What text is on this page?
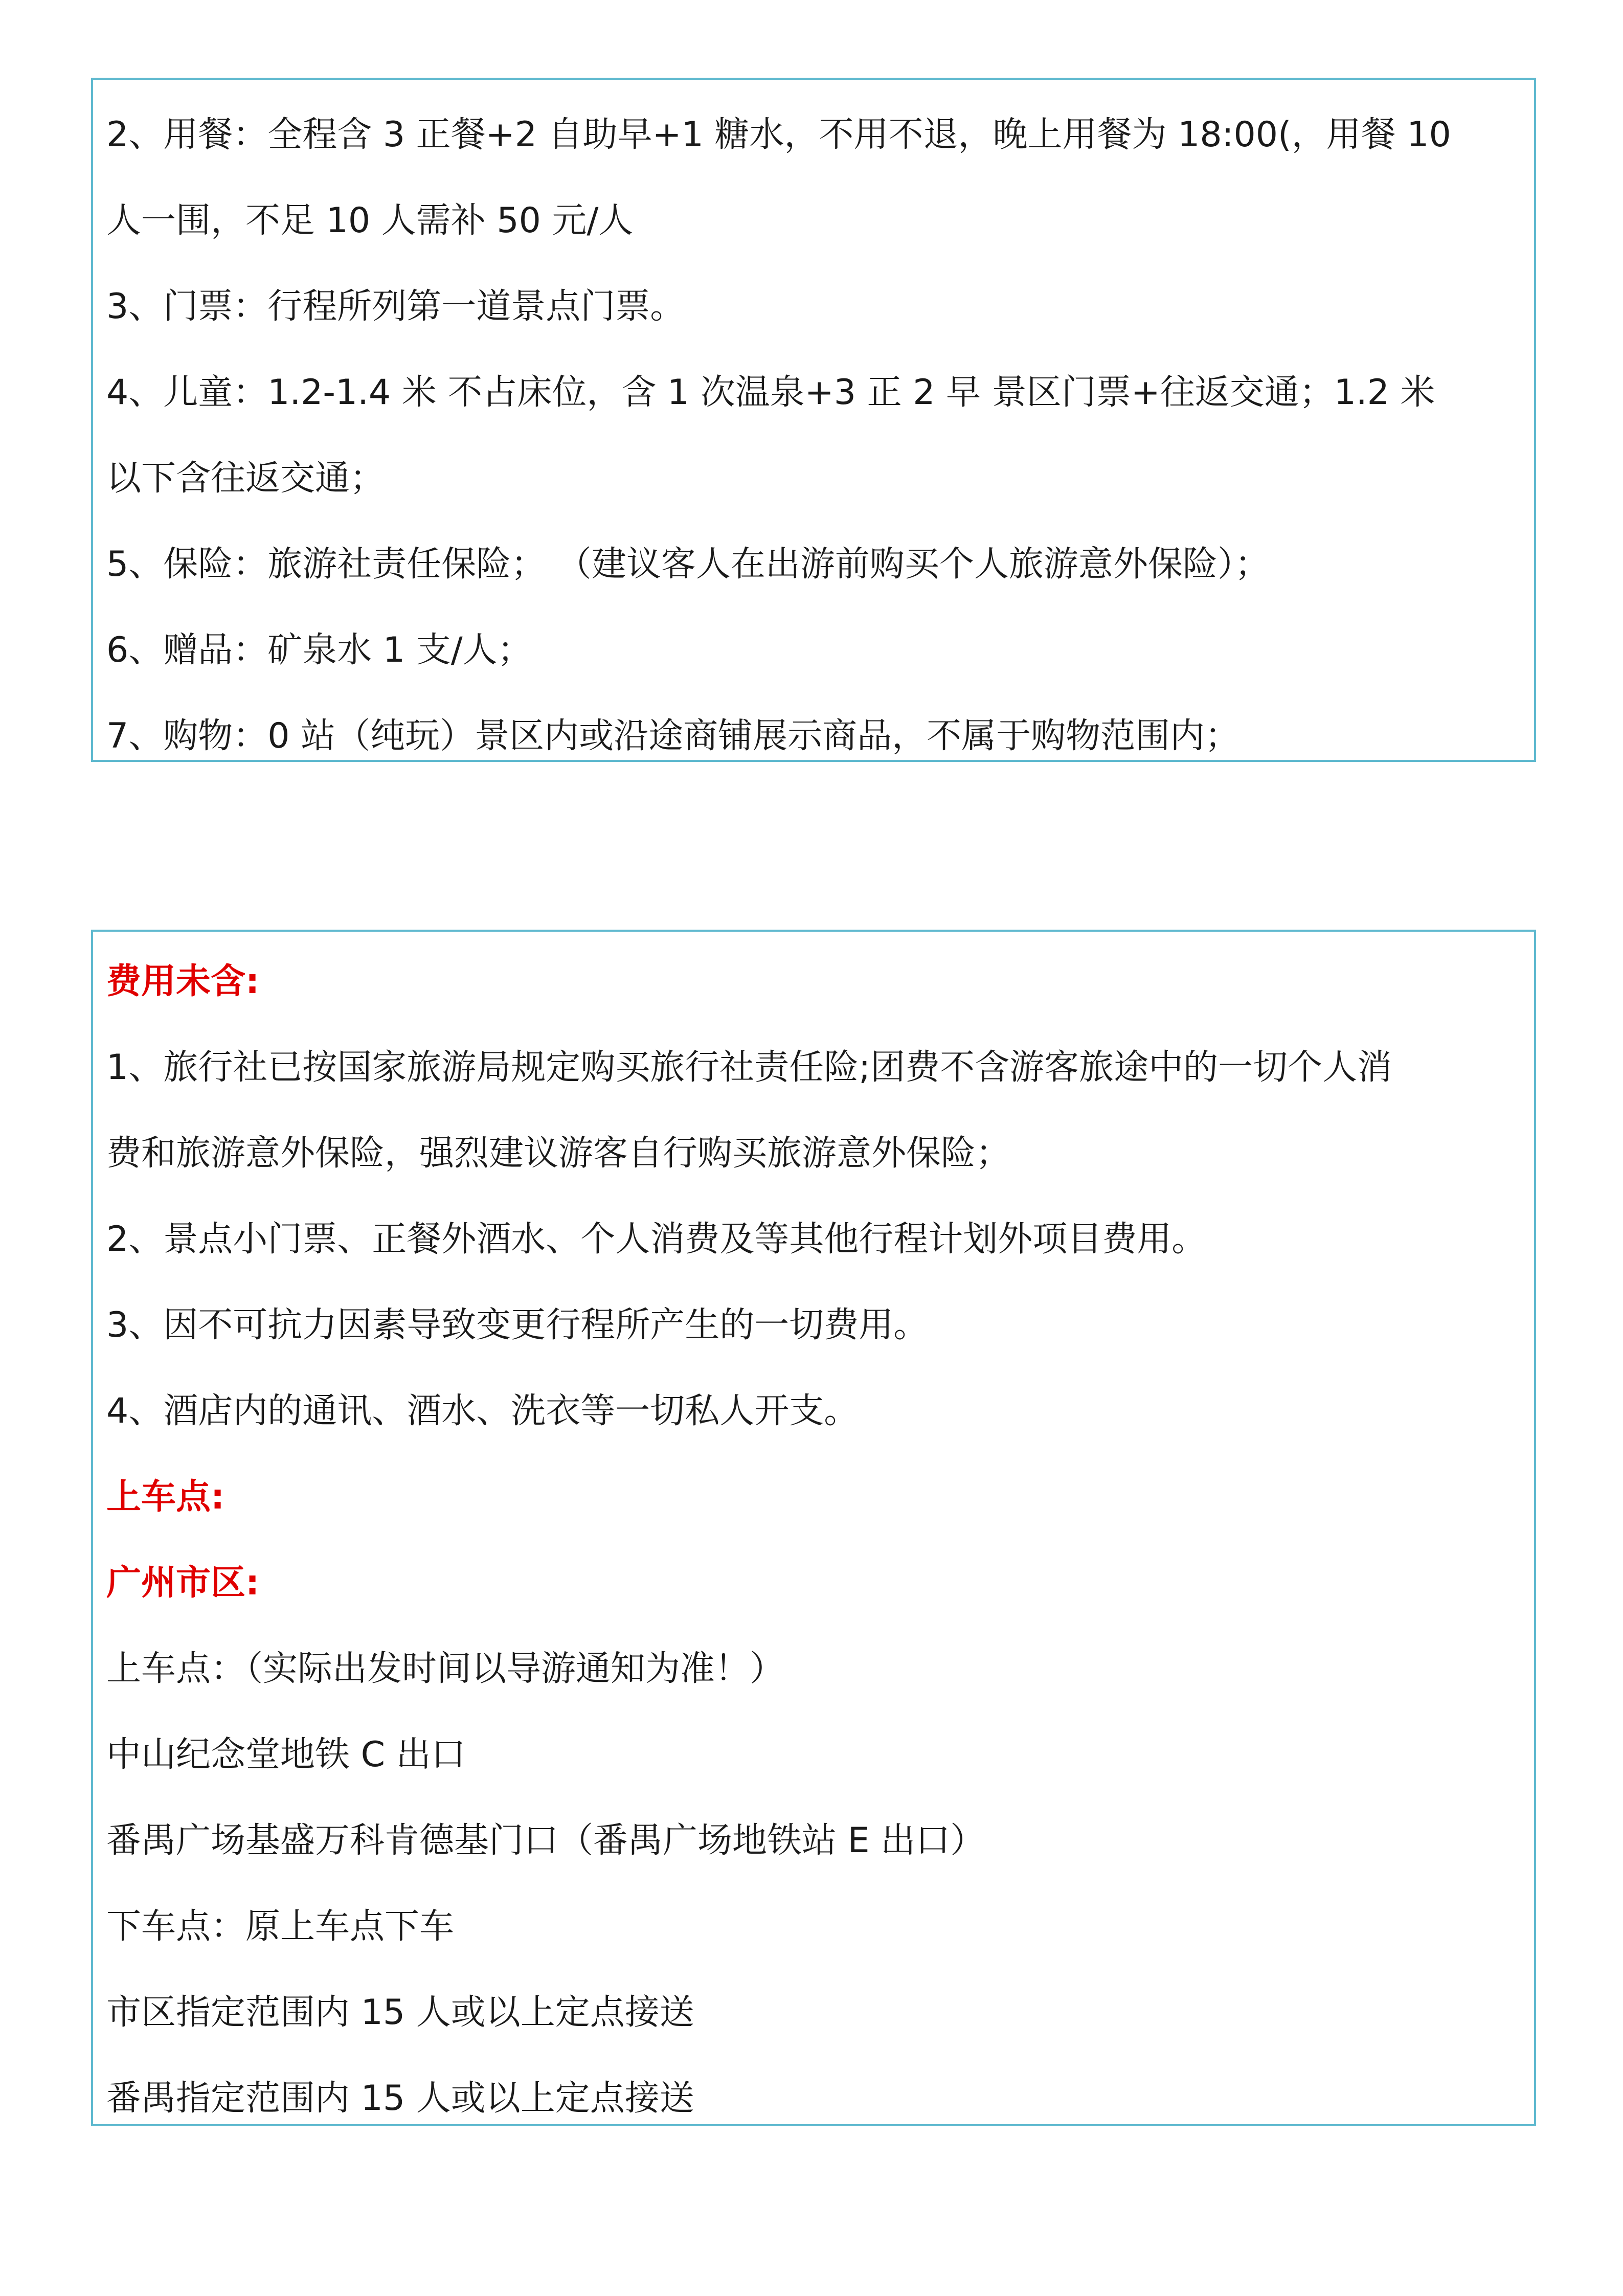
2、用餐：全程含 3 正餐+2 自助早+1 糖水，不用不退，晚上用餐为 18:00(，用餐 10
人一围，不足 10 人需补 50 元/人
3、门票：行程所列第一道景点门票。
4、儿童：1.2-1.4 米 不占床位，含 1 次温泉+3 正 2 早 景区门票+往返交通；1.2 米
以下含往返交通；
5、保险：旅游社责任保险； （建议客人在出游前购买个人旅游意外保险）；
6、赠品：矿泉水 1 支/人；
7、购物：0 站（纯玩）景区内或沿途商铺展示商品，不属于购物范围内；
费用未含:
1、旅行社已按国家旅游局规定购买旅行社责任险;团费不含游客旅途中的一切个人消
费和旅游意外保险，强烈建议游客自行购买旅游意外保险；
2、景点小门票、正餐外酒水、个人消费及等其他行程计划外项目费用。
3、因不可抗力因素导致变更行程所产生的一切费用。
4、酒店内的通讯、酒水、洗衣等一切私人开支。
上车点:
广州市区:
上车点：（实际出发时间以导游通知为准！）
中山纪念堂地铁 C 出口
番禺广场基盛万科肯德基门口（番禺广场地铁站 E 出口）
下车点：原上车点下车
市区指定范围内 15 人或以上定点接送
番禺指定范围内 15 人或以上定点接送
